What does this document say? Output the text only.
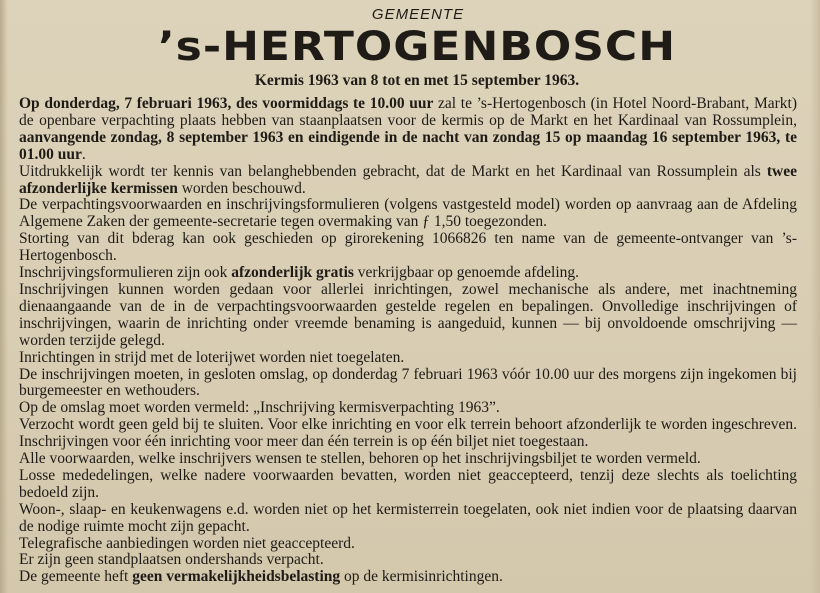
GEMEENTE
’s-HERTOGENBOSCH
Kermis 1963 van 8 tot en met 15 september 1963.

Op donderdag, 7 februari 1963, des voormiddags te 10.00 uur zal te ’s-Hertogenbosch (in Hotel Noord-Brabant, Markt) de openbare verpachting plaats hebben van staanplaatsen voor de kermis op de Markt en het Kardinaal van Rossumplein, aanvangende zondag, 8 september 1963 en eindigende in de nacht van zondag 15 op maandag 16 september 1963, te 01.00 uur.

Uitdrukkelijk wordt ter kennis van belanghebbenden gebracht, dat de Markt en het Kardinaal van Rossumplein als twee afzonderlijke kermissen worden beschouwd.

De verpachtingsvoorwaarden en inschrijvingsformulieren (volgens vastgesteld model) worden op aanvraag aan de Afdeling Algemene Zaken der gemeente-secretarie tegen overmaking van ƒ 1,50 toegezonden.

Storting van dit bderag kan ook geschieden op girorekening 1066826 ten name van de gemeente-ontvanger van ’s-Hertogenbosch.

Inschrijvingsformulieren zijn ook afzonderlijk gratis verkrijgbaar op genoemde afdeling.

Inschrijvingen kunnen worden gedaan voor allerlei inrichtingen, zowel mechanische als andere, met inachtneming dienaangaande van de in de verpachtingsvoorwaarden gestelde regelen en bepalingen. Onvolledige inschrijvingen of inschrijvingen, waarin de inrichting onder vreemde benaming is aangeduid, kunnen — bij onvoldoende omschrijving — worden terzijde gelegd.

Inrichtingen in strijd met de loterijwet worden niet toegelaten.

De inschrijvingen moeten, in gesloten omslag, op donderdag 7 februari 1963 vóór 10.00 uur des morgens zijn ingekomen bij burgemeester en wethouders.

Op de omslag moet worden vermeld: „Inschrijving kermisverpachting 1963”.

Verzocht wordt geen geld bij te sluiten. Voor elke inrichting en voor elk terrein behoort afzonderlijk te worden ingeschreven. Inschrijvingen voor één inrichting voor meer dan één terrein is op één biljet niet toegestaan.

Alle voorwaarden, welke inschrijvers wensen te stellen, behoren op het inschrijvingsbiljet te worden vermeld.

Losse mededelingen, welke nadere voorwaarden bevatten, worden niet geaccepteerd, tenzij deze slechts als toelichting bedoeld zijn.

Woon-, slaap- en keukenwagens e.d. worden niet op het kermisterrein toegelaten, ook niet indien voor de plaatsing daarvan de nodige ruimte mocht zijn gepacht.

Telegrafische aanbiedingen worden niet geaccepteerd.

Er zijn geen standplaatsen ondershands verpacht.

De gemeente heft geen vermakelijkheidsbelasting op de kermisinrichtingen.
